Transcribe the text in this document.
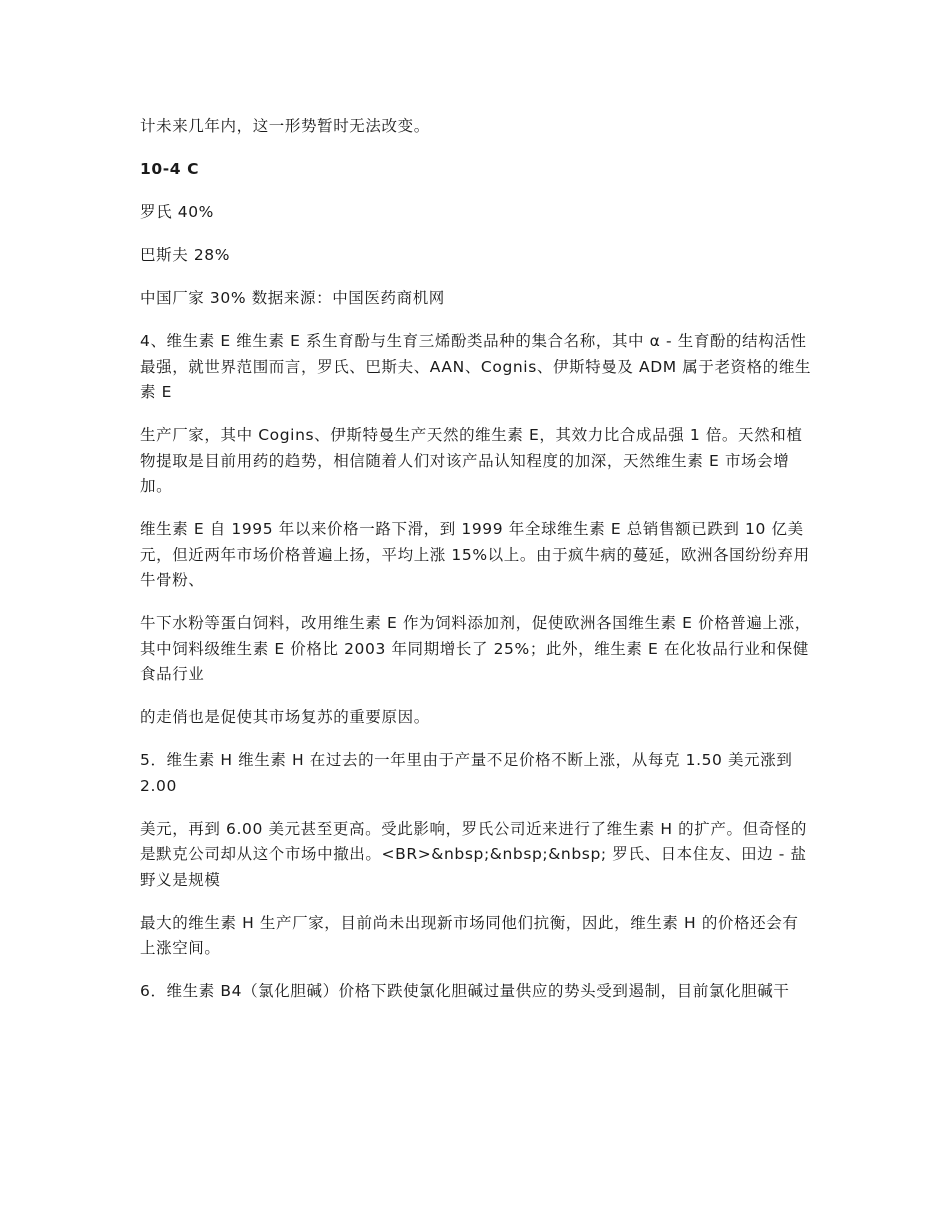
计未来几年内，这一形势暂时无法改变。

10-4 C

罗氏 40%

巴斯夫 28%

中国厂家 30% 数据来源：中国医药商机网

4、维生素 E 维生素 E 系生育酚与生育三烯酚类品种的集合名称，其中 α - 生育酚的结构活性最强，就世界范围而言，罗氏、巴斯夫、AAN、Cognis、伊斯特曼及 ADM 属于老资格的维生素 E

生产厂家，其中 Cogins、伊斯特曼生产天然的维生素 E，其效力比合成品强 1 倍。天然和植物提取是目前用药的趋势，相信随着人们对该产品认知程度的加深，天然维生素 E 市场会增加。

维生素 E 自 1995 年以来价格一路下滑，到 1999 年全球维生素 E 总销售额已跌到 10 亿美元，但近两年市场价格普遍上扬，平均上涨 15%以上。由于疯牛病的蔓延，欧洲各国纷纷弃用牛骨粉、

牛下水粉等蛋白饲料，改用维生素 E 作为饲料添加剂，促使欧洲各国维生素 E 价格普遍上涨，其中饲料级维生素 E 价格比 2003 年同期增长了 25%；此外，维生素 E 在化妆品行业和保健食品行业

的走俏也是促使其市场复苏的重要原因。

5．维生素 H 维生素 H 在过去的一年里由于产量不足价格不断上涨，从每克 1.50 美元涨到 2.00

美元，再到 6.00 美元甚至更高。受此影响，罗氏公司近来进行了维生素 H 的扩产。但奇怪的是默克公司却从这个市场中撤出。<BR>&nbsp;&nbsp;&nbsp; 罗氏、日本住友、田边 - 盐野义是规模

最大的维生素 H 生产厂家，目前尚未出现新市场同他们抗衡，因此，维生素 H 的价格还会有上涨空间。

6．维生素 B4（氯化胆碱）价格下跌使氯化胆碱过量供应的势头受到遏制，目前氯化胆碱干
